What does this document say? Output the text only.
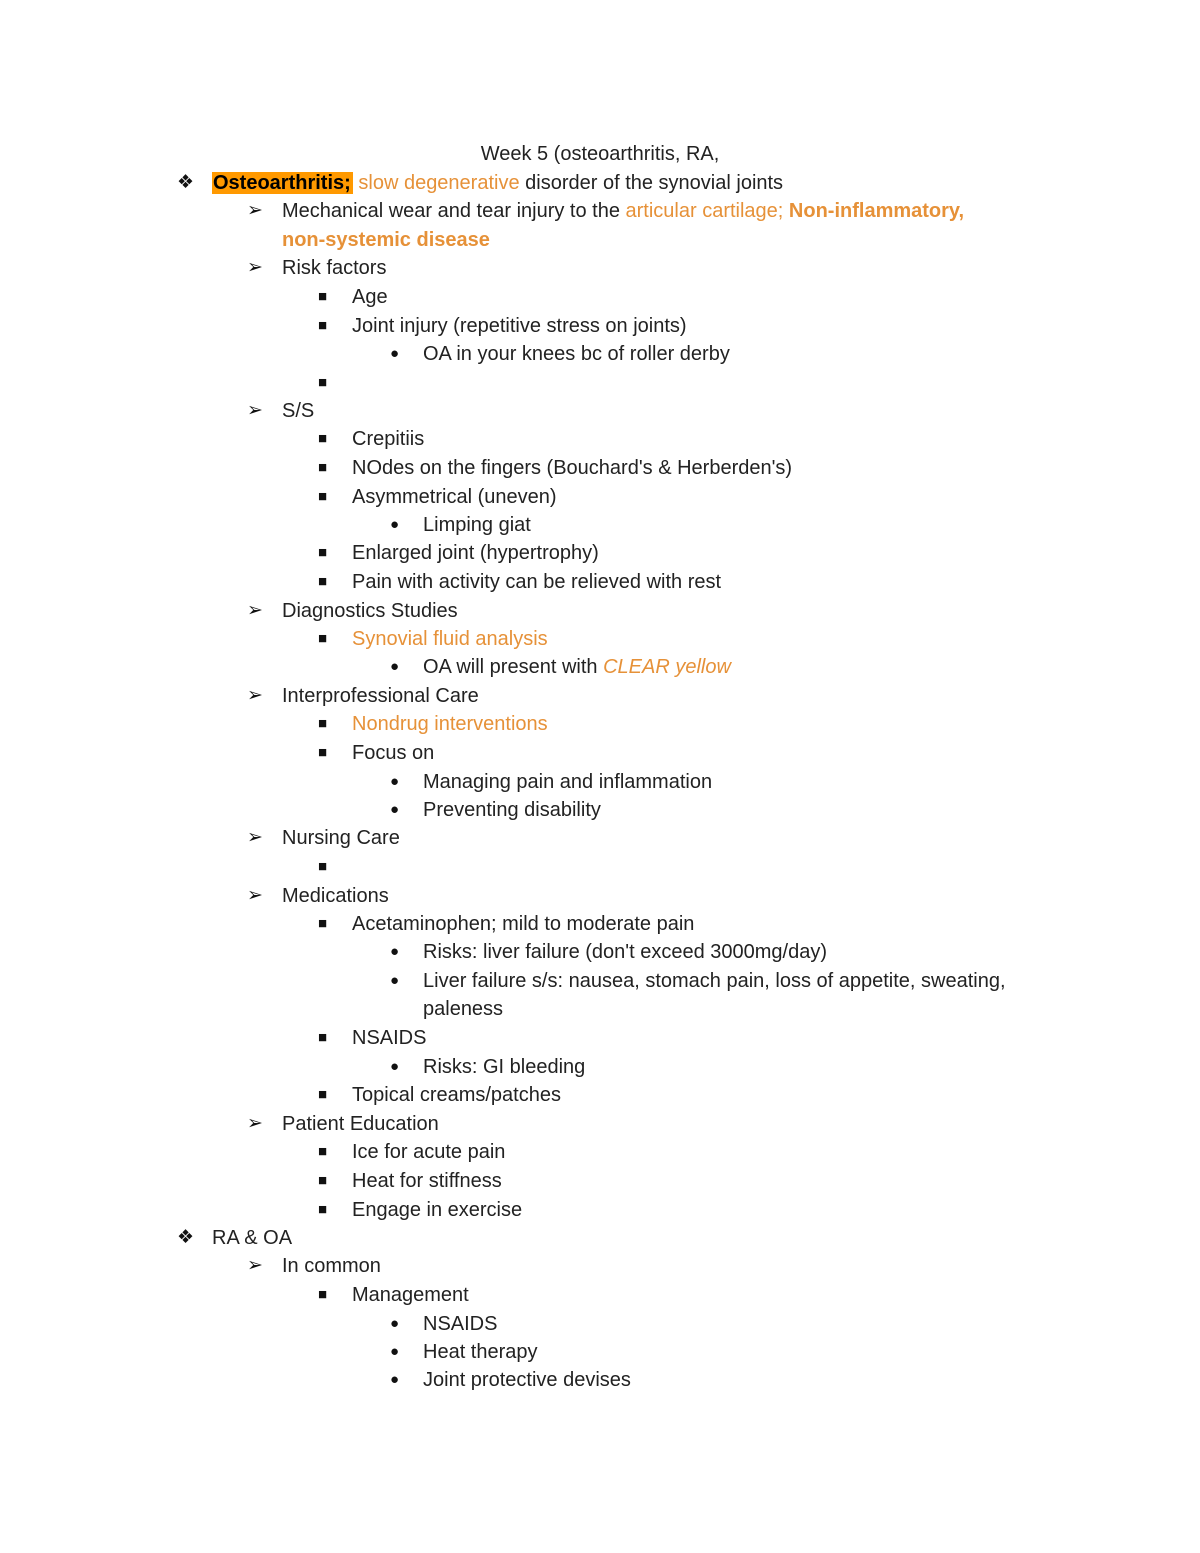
Week 5 (osteoarthritis, RA,
❖ Osteoarthritis; slow degenerative disorder of the synovial joints
➢ Mechanical wear and tear injury to the articular cartilage; Non-inflammatory,
non-systemic disease
➢ Risk factors
■ Age
■ Joint injury (repetitive stress on joints)
● OA in your knees bc of roller derby
■
➢ S/S
■ Crepitiis
■ NOdes on the fingers (Bouchard's & Herberden's)
■ Asymmetrical (uneven)
● Limping giat
■ Enlarged joint (hypertrophy)
■ Pain with activity can be relieved with rest
➢ Diagnostics Studies
■ Synovial fluid analysis
● OA will present with CLEAR yellow
➢ Interprofessional Care
■ Nondrug interventions
■ Focus on
● Managing pain and inflammation
● Preventing disability
➢ Nursing Care
■
➢ Medications
■ Acetaminophen; mild to moderate pain
● Risks: liver failure (don't exceed 3000mg/day)
● Liver failure s/s: nausea, stomach pain, loss of appetite, sweating,
paleness
■ NSAIDS
● Risks: GI bleeding
■ Topical creams/patches
➢ Patient Education
■ Ice for acute pain
■ Heat for stiffness
■ Engage in exercise
❖ RA & OA
➢ In common
■ Management
● NSAIDS
● Heat therapy
● Joint protective devises
